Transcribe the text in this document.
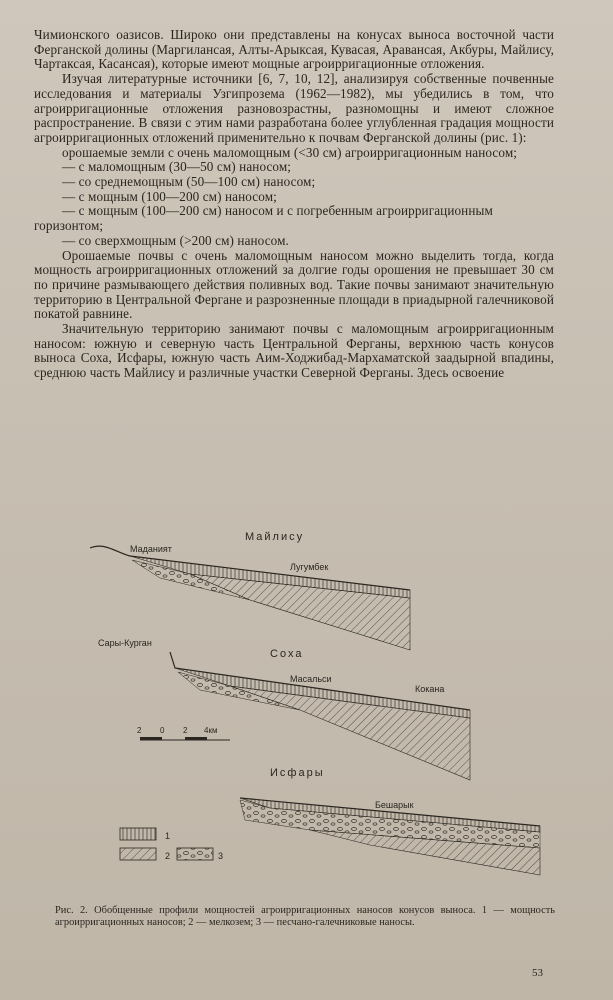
Чимионского оазисов. Широко они представлены на конусах выноса восточной части Ферганской долины (Маргилансая, Алты-Арыксая, Кувасая, Аравансая, Акбуры, Майлису, Чартаксая, Касансая), которые имеют мощные агроирригационные отложения.

Изучая литературные источники [6, 7, 10, 12], анализируя собственные почвенные исследования и материалы Узгипрозема (1962—1982), мы убедились в том, что агроирригационные отложения разновозрастны, разномощны и имеют сложное распространение. В связи с этим нами разработана более углубленная градация мощности агроирригационных отложений применительно к почвам Ферганской долины (рис. 1):

орошаемые земли с очень маломощным (<30 см) агроирригационным наносом;

— с маломощным (30—50 см) наносом;

— со среднемощным (50—100 см) наносом;

— с мощным (100—200 см) наносом;

— с мощным (100—200 см) наносом и с погребенным агроирригационным горизонтом;

— со сверхмощным (>200 см) наносом.

Орошаемые почвы с очень маломощным наносом можно выделить тогда, когда мощность агроирригационных отложений за долгие годы орошения не превышает 30 см по причине размывающего действия поливных вод. Такие почвы занимают значительную территорию в Центральной Фергане и разрозненные площади в приадырной галечниковой покатой равнине.

Значительную территорию занимают почвы с маломощным агроирригационным наносом: южную и северную часть Центральной Ферганы, верхнюю часть конусов выноса Соха, Исфары, южную часть Аим-Ходжибад-Мархаматской заадырной впадины, среднюю часть Майлису и различные участки Северной Ферганы. Здесь освоение

Майлису
Маданият
Лугумбек
Сары-Курган
Соха
Масальси
Кокана
2 0 2 4км
Исфары
Бешарык
1
2	3
Рис. 2. Обобщенные профили мощностей агроирригационных наносов конусов выноса. 1 — мощность агроирригационных наносов; 2 — мелкозем; 3 — песчано-галечниковые наносы.
53
